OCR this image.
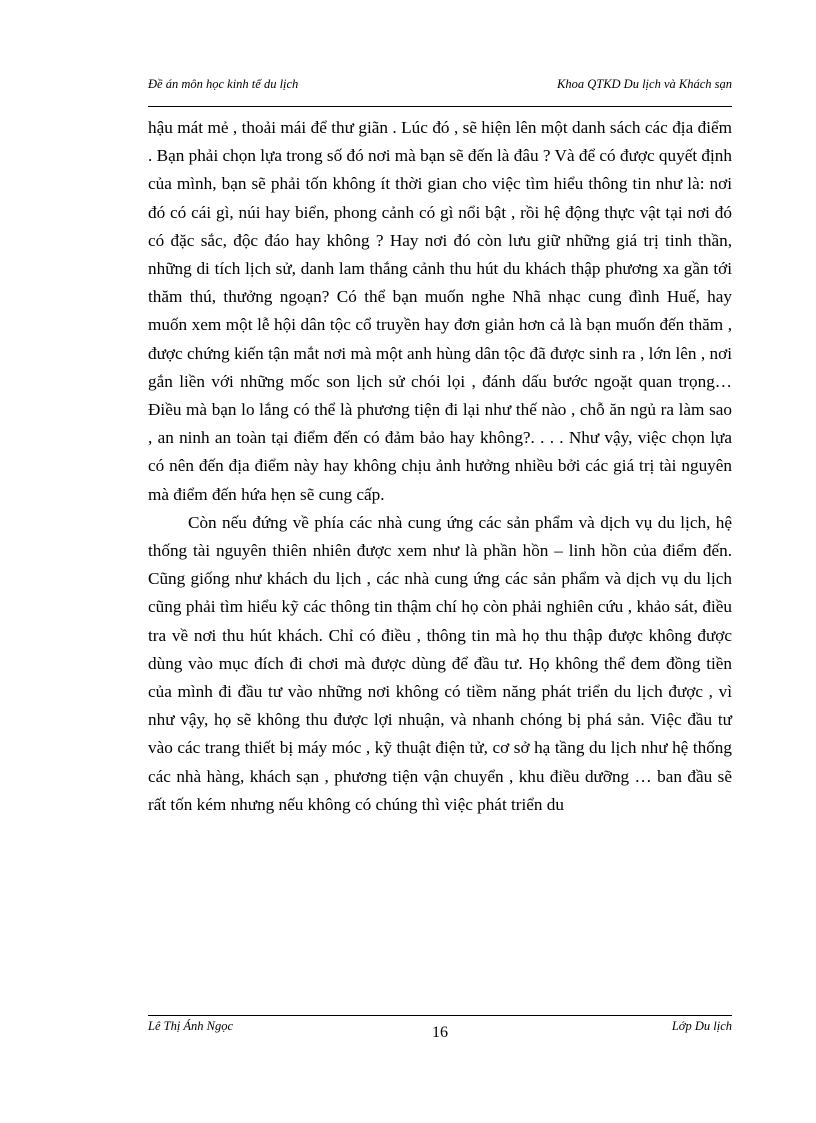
Đề án môn học kinh tế du lịch	Khoa QTKD Du lịch và Khách sạn

hậu mát mẻ , thoải mái để thư giãn . Lúc đó , sẽ hiện lên một danh sách các địa điểm . Bạn phải chọn lựa trong số đó nơi mà bạn sẽ đến là đâu ? Và để có được quyết định của mình, bạn sẽ phải tốn không ít thời gian cho việc tìm hiểu thông tin như là: nơi đó có cái gì, núi hay biển, phong cảnh có gì nổi bật , rồi hệ động thực vật tại nơi đó có đặc sắc, độc đáo hay không ? Hay nơi đó còn lưu giữ những giá trị tinh thần, những di tích lịch sử, danh lam thắng cảnh thu hút du khách thập phương xa gần tới thăm thú, thưởng ngoạn? Có thể bạn muốn nghe Nhã nhạc cung đình Huế, hay muốn xem một lễ hội dân tộc cổ truyền hay đơn giản hơn cả là bạn muốn đến thăm , được chứng kiến tận mắt nơi mà một anh hùng dân tộc đã được sinh ra , lớn lên , nơi gắn liền với những mốc son lịch sử chói lọi , đánh dấu bước ngoặt quan trọng… Điều mà bạn lo lắng có thể là phương tiện đi lại như thế nào , chỗ ăn ngủ ra làm sao , an ninh an toàn tại điểm đến có đảm bảo hay không?. . . . Như vậy, việc chọn lựa có nên đến địa điểm này hay không chịu ảnh hưởng nhiều bởi các giá trị tài nguyên mà điểm đến hứa hẹn sẽ cung cấp.

Còn nếu đứng về phía các nhà cung ứng các sản phẩm và dịch vụ du lịch, hệ thống tài nguyên thiên nhiên được xem như là phần hồn – linh hồn của điểm đến. Cũng giống như khách du lịch , các nhà cung ứng các sản phẩm và dịch vụ du lịch cũng phải tìm hiểu kỹ các thông tin thậm chí họ còn phải nghiên cứu , khảo sát, điều tra về nơi thu hút khách. Chỉ có điều , thông tin mà họ thu thập được không được dùng vào mục đích đi chơi mà được dùng để đầu tư. Họ không thể đem đồng tiền của mình đi đầu tư vào những nơi không có tiềm năng phát triển du lịch được , vì như vậy, họ sẽ không thu được lợi nhuận, và nhanh chóng bị phá sản. Việc đầu tư vào các trang thiết bị máy móc , kỹ thuật điện tử, cơ sở hạ tầng du lịch như hệ thống các nhà hàng, khách sạn , phương tiện vận chuyển , khu điều dưỡng … ban đầu sẽ rất tốn kém nhưng nếu không có chúng thì việc phát triển du

Lê Thị Ánh Ngọc	16	Lớp Du lịch
